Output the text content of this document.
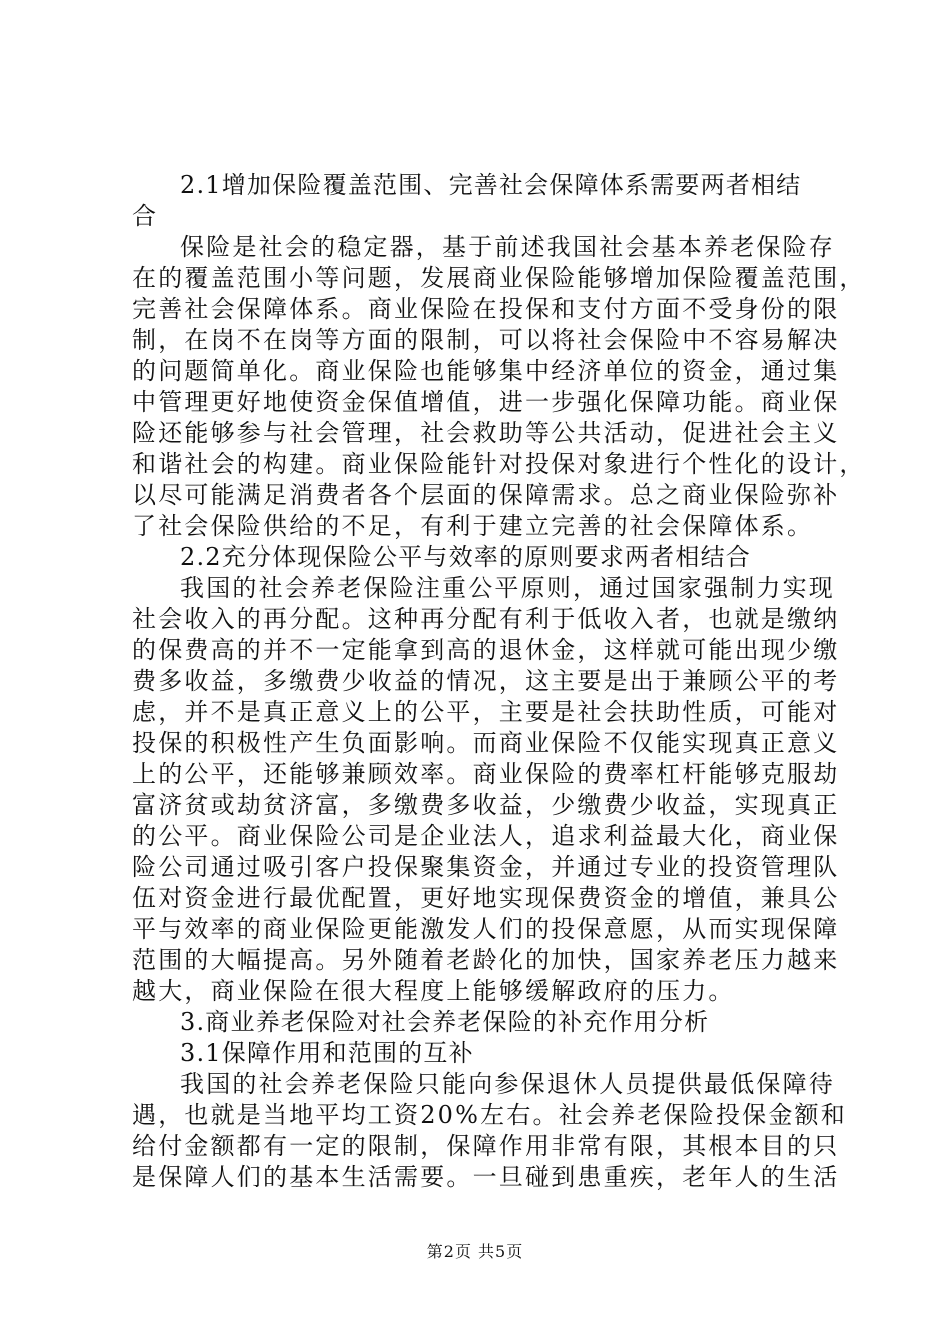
2.1增加保险覆盖范围、完善社会保障体系需要两者相结
合
保险是社会的稳定器，基于前述我国社会基本养老保险存
在的覆盖范围小等问题，发展商业保险能够增加保险覆盖范围，
完善社会保障体系。商业保险在投保和支付方面不受身份的限
制，在岗不在岗等方面的限制，可以将社会保险中不容易解决
的问题简单化。商业保险也能够集中经济单位的资金，通过集
中管理更好地使资金保值增值，进一步强化保障功能。商业保
险还能够参与社会管理，社会救助等公共活动，促进社会主义
和谐社会的构建。商业保险能针对投保对象进行个性化的设计，
以尽可能满足消费者各个层面的保障需求。总之商业保险弥补
了社会保险供给的不足，有利于建立完善的社会保障体系。
2.2充分体现保险公平与效率的原则要求两者相结合
我国的社会养老保险注重公平原则，通过国家强制力实现
社会收入的再分配。这种再分配有利于低收入者，也就是缴纳
的保费高的并不一定能拿到高的退休金，这样就可能出现少缴
费多收益，多缴费少收益的情况，这主要是出于兼顾公平的考
虑，并不是真正意义上的公平，主要是社会扶助性质，可能对
投保的积极性产生负面影响。而商业保险不仅能实现真正意义
上的公平，还能够兼顾效率。商业保险的费率杠杆能够克服劫
富济贫或劫贫济富，多缴费多收益，少缴费少收益，实现真正
的公平。商业保险公司是企业法人，追求利益最大化，商业保
险公司通过吸引客户投保聚集资金，并通过专业的投资管理队
伍对资金进行最优配置，更好地实现保费资金的增值，兼具公
平与效率的商业保险更能激发人们的投保意愿，从而实现保障
范围的大幅提高。另外随着老龄化的加快，国家养老压力越来
越大，商业保险在很大程度上能够缓解政府的压力。
3.商业养老保险对社会养老保险的补充作用分析
3.1保障作用和范围的互补
我国的社会养老保险只能向参保退休人员提供最低保障待
遇，也就是当地平均工资20%左右。社会养老保险投保金额和
给付金额都有一定的限制，保障作用非常有限，其根本目的只
是保障人们的基本生活需要。一旦碰到患重疾，老年人的生活
第2页 共5页
